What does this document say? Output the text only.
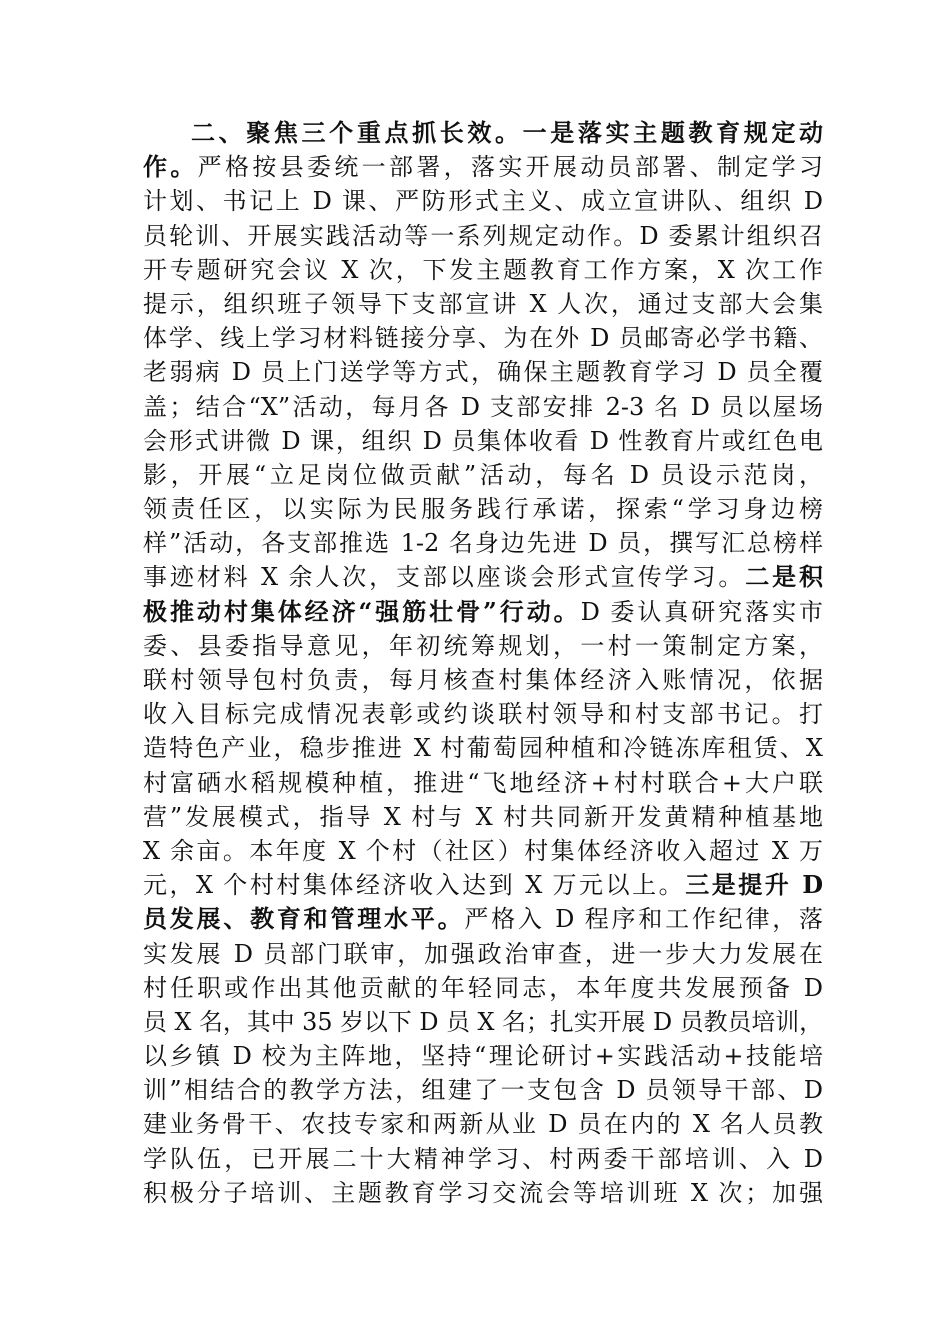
二、聚焦三个重点抓长效。一是落实主题教育规定动
作。严格按县委统一部署，落实开展动员部署、制定学习
计划、书记上 D 课、严防形式主义、成立宣讲队、组织 D
员轮训、开展实践活动等一系列规定动作。D 委累计组织召
开专题研究会议 X 次，下发主题教育工作方案，X 次工作
提示，组织班子领导下支部宣讲 X 人次，通过支部大会集
体学、线上学习材料链接分享、为在外 D 员邮寄必学书籍、
老弱病 D 员上门送学等方式，确保主题教育学习 D 员全覆
盖；结合“X”活动，每月各 D 支部安排 2-3 名 D 员以屋场
会形式讲微 D 课，组织 D 员集体收看 D 性教育片或红色电
影，开展“立足岗位做贡献”活动，每名 D 员设示范岗，
领责任区，以实际为民服务践行承诺，探索“学习身边榜
样”活动，各支部推选 1-2 名身边先进 D 员，撰写汇总榜样
事迹材料 X 余人次，支部以座谈会形式宣传学习。二是积
极推动村集体经济“强筋壮骨”行动。D 委认真研究落实市
委、县委指导意见，年初统筹规划，一村一策制定方案，
联村领导包村负责，每月核查村集体经济入账情况，依据
收入目标完成情况表彰或约谈联村领导和村支部书记。打
造特色产业，稳步推进 X 村葡萄园种植和冷链冻库租赁、X
村富硒水稻规模种植，推进“飞地经济+村村联合+大户联
营”发展模式，指导 X 村与 X 村共同新开发黄精种植基地
X 余亩。本年度 X 个村（社区）村集体经济收入超过 X 万
元，X 个村村集体经济收入达到 X 万元以上。三是提升 D
员发展、教育和管理水平。严格入 D 程序和工作纪律，落
实发展 D 员部门联审，加强政治审查，进一步大力发展在
村任职或作出其他贡献的年轻同志，本年度共发展预备 D
员 X 名，其中 35 岁以下 D 员 X 名；扎实开展 D 员教员培训，
以乡镇 D 校为主阵地，坚持“理论研讨+实践活动+技能培
训”相结合的教学方法，组建了一支包含 D 员领导干部、D
建业务骨干、农技专家和两新从业 D 员在内的 X 名人员教
学队伍，已开展二十大精神学习、村两委干部培训、入 D
积极分子培训、主题教育学习交流会等培训班 X 次；加强
